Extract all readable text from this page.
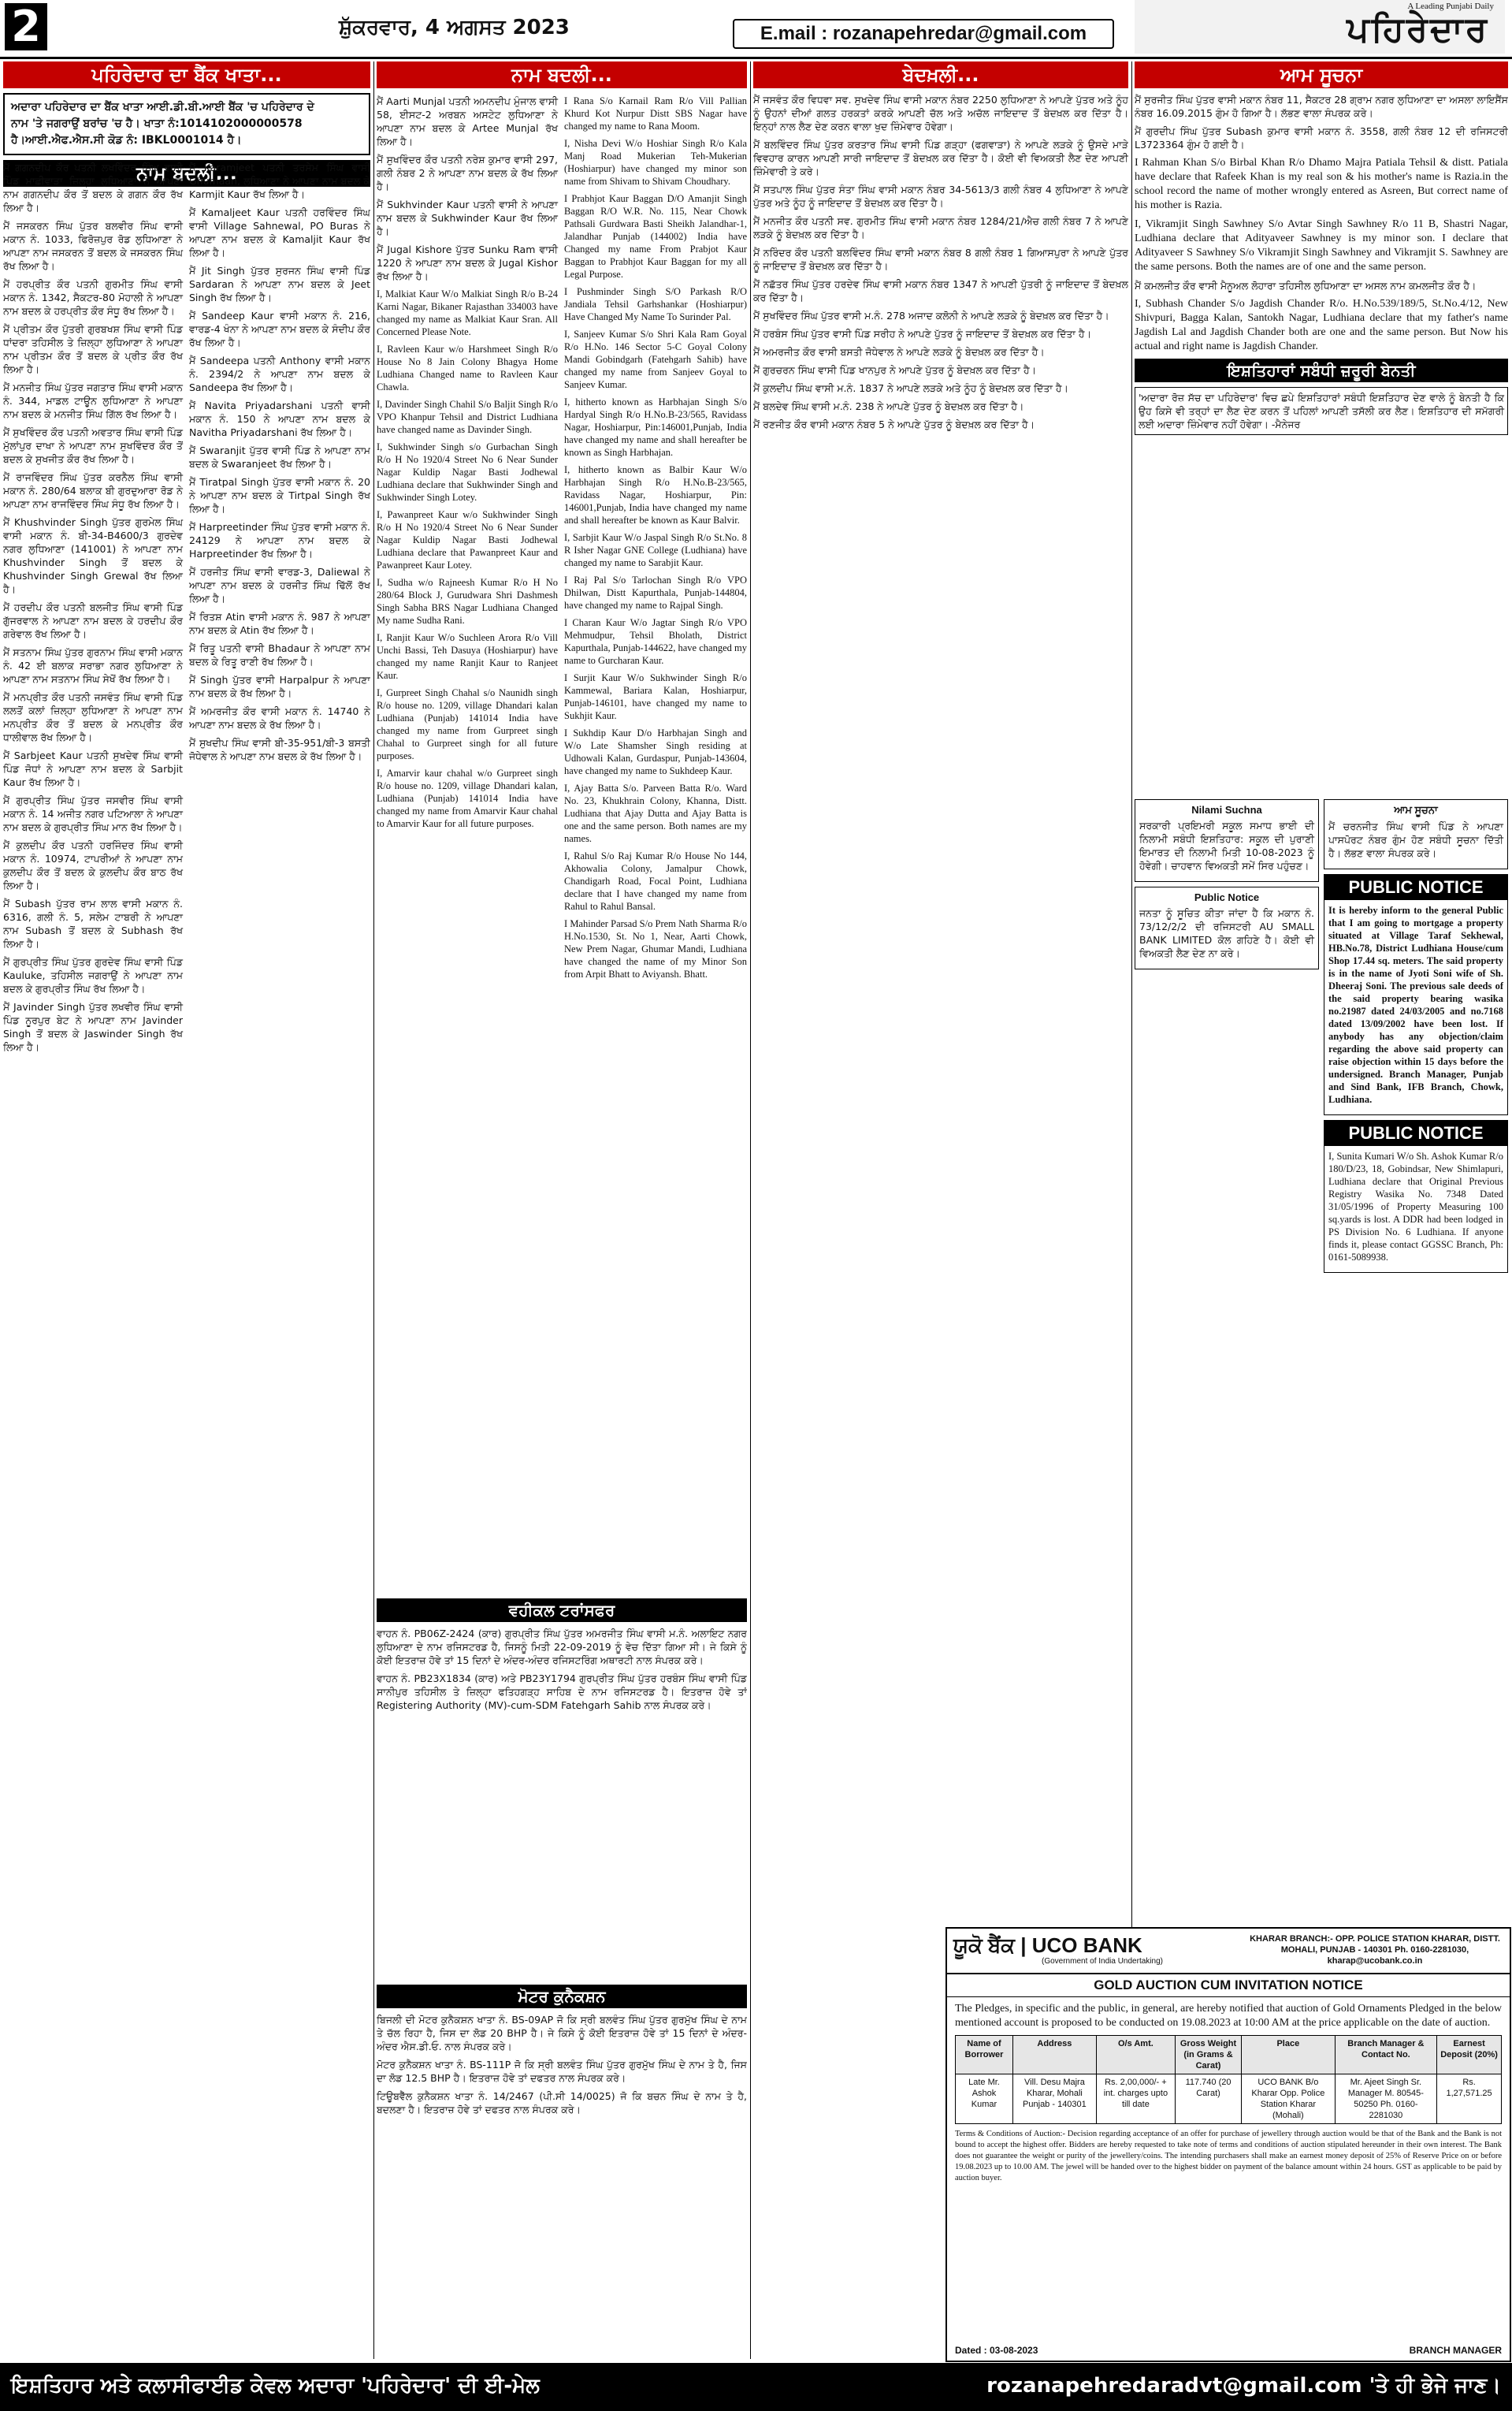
2	ਸ਼ੁੱਕਰਵਾਰ, 4 ਅਗਸਤ 2023	E.mail : rozanapehredar@gmail.com
A Leading Punjabi Daily
ਪਹਿਰੇਦਾਰ
ਪਹਿਰੇਦਾਰ ਦਾ ਬੈਂਕ ਖਾਤਾ...
ਅਦਾਰਾ ਪਹਿਰੇਦਾਰ ਦਾ ਬੈਂਕ ਖਾਤਾ ਆਈ.ਡੀ.ਬੀ.ਆਈ ਬੈਂਕ 'ਚ ਪਹਿਰੇਦਾਰ ਦੇ
ਨਾਮ 'ਤੇ ਜਗਰਾਉਂ ਬਰਾਂਚ 'ਚ ਹੈ। ਖਾਤਾ ਨੰ:1014102000000578
ਹੈ।ਆਈ.ਐਫ.ਐਸ.ਸੀ ਕੋਡ ਨੰ: IBKL0001014 ਹੈ।
ਨਾਮ ਬਦਲੀ...

ਮੈਂ ਗਗਨਦੀਪ ਕੌਰ ਪਤਨੀ ਲਖਵਿੰਦਰ ਸਿੰਘ ਵਾਸੀ ਪਿੰਡ ਮਾਛੀਵਾੜਾ ਜ਼ਿਲ੍ਹਾ ਲੁਧਿਆਣਾ ਨੇ ਆਪਣਾ ਨਾਮ ਗਗਨਦੀਪ ਕੌਰ ਤੋਂ ਬਦਲ ਕੇ ਗਗਨ ਕੌਰ ਰੱਖ ਲਿਆ ਹੈ।

ਮੈਂ ਜਸਕਰਨ ਸਿੰਘ ਪੁੱਤਰ ਬਲਵੀਰ ਸਿੰਘ ਵਾਸੀ ਮਕਾਨ ਨੰ. 1033, ਫਿਰੋਜ਼ਪੁਰ ਰੋਡ ਲੁਧਿਆਣਾ ਨੇ ਆਪਣਾ ਨਾਮ ਜਸਕਰਨ ਤੋਂ ਬਦਲ ਕੇ ਜਸਕਰਨ ਸਿੰਘ ਰੱਖ ਲਿਆ ਹੈ।

ਮੈਂ ਹਰਪ੍ਰੀਤ ਕੌਰ ਪਤਨੀ ਗੁਰਮੀਤ ਸਿੰਘ ਵਾਸੀ ਮਕਾਨ ਨੰ. 1342, ਸੈਕਟਰ-80 ਮੋਹਾਲੀ ਨੇ ਆਪਣਾ ਨਾਮ ਬਦਲ ਕੇ ਹਰਪ੍ਰੀਤ ਕੌਰ ਸੰਧੂ ਰੱਖ ਲਿਆ ਹੈ।

ਮੈਂ ਪ੍ਰੀਤਮ ਕੌਰ ਪੁੱਤਰੀ ਗੁਰਬਖਸ਼ ਸਿੰਘ ਵਾਸੀ ਪਿੰਡ ਧਾਂਦਰਾ ਤਹਿਸੀਲ ਤੇ ਜ਼ਿਲ੍ਹਾ ਲੁਧਿਆਣਾ ਨੇ ਆਪਣਾ ਨਾਮ ਪ੍ਰੀਤਮ ਕੌਰ ਤੋਂ ਬਦਲ ਕੇ ਪ੍ਰੀਤ ਕੌਰ ਰੱਖ ਲਿਆ ਹੈ।

ਮੈਂ ਮਨਜੀਤ ਸਿੰਘ ਪੁੱਤਰ ਜਗਤਾਰ ਸਿੰਘ ਵਾਸੀ ਮਕਾਨ ਨੰ. 344, ਮਾਡਲ ਟਾਊਨ ਲੁਧਿਆਣਾ ਨੇ ਆਪਣਾ ਨਾਮ ਬਦਲ ਕੇ ਮਨਜੀਤ ਸਿੰਘ ਗਿੱਲ ਰੱਖ ਲਿਆ ਹੈ।

ਮੈਂ ਸੁਖਵਿੰਦਰ ਕੌਰ ਪਤਨੀ ਅਵਤਾਰ ਸਿੰਘ ਵਾਸੀ ਪਿੰਡ ਮੁੱਲਾਂਪੁਰ ਦਾਖਾ ਨੇ ਆਪਣਾ ਨਾਮ ਸੁਖਵਿੰਦਰ ਕੌਰ ਤੋਂ ਬਦਲ ਕੇ ਸੁਖਜੀਤ ਕੌਰ ਰੱਖ ਲਿਆ ਹੈ।

ਮੈਂ ਰਾਜਵਿੰਦਰ ਸਿੰਘ ਪੁੱਤਰ ਕਰਨੈਲ ਸਿੰਘ ਵਾਸੀ ਮਕਾਨ ਨੰ. 280/64 ਬਲਾਕ ਬੀ ਗੁਰਦੁਆਰਾ ਰੋਡ ਨੇ ਆਪਣਾ ਨਾਮ ਰਾਜਵਿੰਦਰ ਸਿੰਘ ਸੰਧੂ ਰੱਖ ਲਿਆ ਹੈ।

ਮੈਂ Khushvinder Singh ਪੁੱਤਰ ਗੁਰਮੇਲ ਸਿੰਘ ਵਾਸੀ ਮਕਾਨ ਨੰ. ਬੀ-34-B4600/3 ਗੁਰਦੇਵ ਨਗਰ ਲੁਧਿਆਣਾ (141001) ਨੇ ਆਪਣਾ ਨਾਮ Khushvinder Singh ਤੋਂ ਬਦਲ ਕੇ Khushvinder Singh Grewal ਰੱਖ ਲਿਆ ਹੈ।

ਮੈਂ ਹਰਦੀਪ ਕੌਰ ਪਤਨੀ ਬਲਜੀਤ ਸਿੰਘ ਵਾਸੀ ਪਿੰਡ ਗੁੱਜਰਵਾਲ ਨੇ ਆਪਣਾ ਨਾਮ ਬਦਲ ਕੇ ਹਰਦੀਪ ਕੌਰ ਗਰੇਵਾਲ ਰੱਖ ਲਿਆ ਹੈ।

ਮੈਂ ਸਤਨਾਮ ਸਿੰਘ ਪੁੱਤਰ ਗੁਰਨਾਮ ਸਿੰਘ ਵਾਸੀ ਮਕਾਨ ਨੰ. 42 ਈ ਬਲਾਕ ਸਰਾਭਾ ਨਗਰ ਲੁਧਿਆਣਾ ਨੇ ਆਪਣਾ ਨਾਮ ਸਤਨਾਮ ਸਿੰਘ ਸੇਖੋਂ ਰੱਖ ਲਿਆ ਹੈ।

ਮੈਂ ਮਨਪ੍ਰੀਤ ਕੌਰ ਪਤਨੀ ਜਸਵੰਤ ਸਿੰਘ ਵਾਸੀ ਪਿੰਡ ਲਲਤੋਂ ਕਲਾਂ ਜ਼ਿਲ੍ਹਾ ਲੁਧਿਆਣਾ ਨੇ ਆਪਣਾ ਨਾਮ ਮਨਪ੍ਰੀਤ ਕੌਰ ਤੋਂ ਬਦਲ ਕੇ ਮਨਪ੍ਰੀਤ ਕੌਰ ਧਾਲੀਵਾਲ ਰੱਖ ਲਿਆ ਹੈ।

ਮੈਂ Sarbjeet Kaur ਪਤਨੀ ਸੁਖਦੇਵ ਸਿੰਘ ਵਾਸੀ ਪਿੰਡ ਜੋਧਾਂ ਨੇ ਆਪਣਾ ਨਾਮ ਬਦਲ ਕੇ Sarbjit Kaur ਰੱਖ ਲਿਆ ਹੈ।

ਮੈਂ ਗੁਰਪ੍ਰੀਤ ਸਿੰਘ ਪੁੱਤਰ ਜਸਵੀਰ ਸਿੰਘ ਵਾਸੀ ਮਕਾਨ ਨੰ. 14 ਅਜੀਤ ਨਗਰ ਪਟਿਆਲਾ ਨੇ ਆਪਣਾ ਨਾਮ ਬਦਲ ਕੇ ਗੁਰਪ੍ਰੀਤ ਸਿੰਘ ਮਾਨ ਰੱਖ ਲਿਆ ਹੈ।

ਮੈਂ ਕੁਲਦੀਪ ਕੌਰ ਪਤਨੀ ਹਰਜਿੰਦਰ ਸਿੰਘ ਵਾਸੀ ਮਕਾਨ ਨੰ. 10974, ਟਾਪਰੀਆਂ ਨੇ ਆਪਣਾ ਨਾਮ ਕੁਲਦੀਪ ਕੌਰ ਤੋਂ ਬਦਲ ਕੇ ਕੁਲਦੀਪ ਕੌਰ ਬਾਠ ਰੱਖ ਲਿਆ ਹੈ।

ਮੈਂ Subash ਪੁੱਤਰ ਰਾਮ ਲਾਲ ਵਾਸੀ ਮਕਾਨ ਨੰ. 6316, ਗਲੀ ਨੰ. 5, ਸਲੇਮ ਟਾਬਰੀ ਨੇ ਆਪਣਾ ਨਾਮ Subash ਤੋਂ ਬਦਲ ਕੇ Subhash ਰੱਖ ਲਿਆ ਹੈ।

ਮੈਂ ਗੁਰਪ੍ਰੀਤ ਸਿੰਘ ਪੁੱਤਰ ਗੁਰਦੇਵ ਸਿੰਘ ਵਾਸੀ ਪਿੰਡ Kauluke, ਤਹਿਸੀਲ ਜਗਰਾਉਂ ਨੇ ਆਪਣਾ ਨਾਮ ਬਦਲ ਕੇ ਗੁਰਪ੍ਰੀਤ ਸਿੰਘ ਰੱਖ ਲਿਆ ਹੈ।

ਮੈਂ Javinder Singh ਪੁੱਤਰ ਲਖਵੀਰ ਸਿੰਘ ਵਾਸੀ ਪਿੰਡ ਨੂਰਪੁਰ ਬੇਟ ਨੇ ਆਪਣਾ ਨਾਮ Javinder Singh ਤੋਂ ਬਦਲ ਕੇ Jaswinder Singh ਰੱਖ ਲਿਆ ਹੈ।

ਮੈਂ Karamjeet ਪਤਨੀ ਤਰਸੇਮ ਸਿੰਘ ਵਾਸੀ Ghumaan, ਲੁਧਿਆਣਾ ਨੇ ਆਪਣਾ ਨਾਮ ਬਦਲ ਕੇ Karmjit Kaur ਰੱਖ ਲਿਆ ਹੈ।

ਮੈਂ Kamaljeet Kaur ਪਤਨੀ ਹਰਵਿੰਦਰ ਸਿੰਘ ਵਾਸੀ Village Sahnewal, PO Buras ਨੇ ਆਪਣਾ ਨਾਮ ਬਦਲ ਕੇ Kamaljit Kaur ਰੱਖ ਲਿਆ ਹੈ।

ਮੈਂ Jit Singh ਪੁੱਤਰ ਸੁਰਜਨ ਸਿੰਘ ਵਾਸੀ ਪਿੰਡ Sardaran ਨੇ ਆਪਣਾ ਨਾਮ ਬਦਲ ਕੇ Jeet Singh ਰੱਖ ਲਿਆ ਹੈ।

ਮੈਂ Sandeep Kaur ਵਾਸੀ ਮਕਾਨ ਨੰ. 216, ਵਾਰਡ-4 ਖੰਨਾ ਨੇ ਆਪਣਾ ਨਾਮ ਬਦਲ ਕੇ ਸੰਦੀਪ ਕੌਰ ਰੱਖ ਲਿਆ ਹੈ।

ਮੈਂ Sandeepa ਪਤਨੀ Anthony ਵਾਸੀ ਮਕਾਨ ਨੰ. 2394/2 ਨੇ ਆਪਣਾ ਨਾਮ ਬਦਲ ਕੇ Sandeepa ਰੱਖ ਲਿਆ ਹੈ।

ਮੈਂ Navita Priyadarshani ਪਤਨੀ ਵਾਸੀ ਮਕਾਨ ਨੰ. 150 ਨੇ ਆਪਣਾ ਨਾਮ ਬਦਲ ਕੇ Navitha Priyadarshani ਰੱਖ ਲਿਆ ਹੈ।

ਮੈਂ Swaranjit ਪੁੱਤਰ ਵਾਸੀ ਪਿੰਡ ਨੇ ਆਪਣਾ ਨਾਮ ਬਦਲ ਕੇ Swaranjeet ਰੱਖ ਲਿਆ ਹੈ।

ਮੈਂ Tiratpal Singh ਪੁੱਤਰ ਵਾਸੀ ਮਕਾਨ ਨੰ. 20 ਨੇ ਆਪਣਾ ਨਾਮ ਬਦਲ ਕੇ Tirtpal Singh ਰੱਖ ਲਿਆ ਹੈ।

ਮੈਂ Harpreetinder ਸਿੰਘ ਪੁੱਤਰ ਵਾਸੀ ਮਕਾਨ ਨੰ. 24129 ਨੇ ਆਪਣਾ ਨਾਮ ਬਦਲ ਕੇ Harpreetinder ਰੱਖ ਲਿਆ ਹੈ।

ਮੈਂ ਹਰਜੀਤ ਸਿੰਘ ਵਾਸੀ ਵਾਰਡ-3, Daliewal ਨੇ ਆਪਣਾ ਨਾਮ ਬਦਲ ਕੇ ਹਰਜੀਤ ਸਿੰਘ ਢਿੱਲੋਂ ਰੱਖ ਲਿਆ ਹੈ।

ਮੈਂ ਰਿਤਸ਼ Atin ਵਾਸੀ ਮਕਾਨ ਨੰ. 987 ਨੇ ਆਪਣਾ ਨਾਮ ਬਦਲ ਕੇ Atin ਰੱਖ ਲਿਆ ਹੈ।

ਮੈਂ ਰਿਤੂ ਪਤਨੀ ਵਾਸੀ Bhadaur ਨੇ ਆਪਣਾ ਨਾਮ ਬਦਲ ਕੇ ਰਿਤੂ ਰਾਣੀ ਰੱਖ ਲਿਆ ਹੈ।

ਮੈਂ Singh ਪੁੱਤਰ ਵਾਸੀ Harpalpur ਨੇ ਆਪਣਾ ਨਾਮ ਬਦਲ ਕੇ ਰੱਖ ਲਿਆ ਹੈ।

ਮੈਂ ਅਮਰਜੀਤ ਕੌਰ ਵਾਸੀ ਮਕਾਨ ਨੰ. 14740 ਨੇ ਆਪਣਾ ਨਾਮ ਬਦਲ ਕੇ ਰੱਖ ਲਿਆ ਹੈ।

ਮੈਂ ਸੁਖਦੀਪ ਸਿੰਘ ਵਾਸੀ ਬੀ-35-951/ਬੀ-3 ਬਸਤੀ ਜੋਧੇਵਾਲ ਨੇ ਆਪਣਾ ਨਾਮ ਬਦਲ ਕੇ ਰੱਖ ਲਿਆ ਹੈ।

ਨਾਮ ਬਦਲੀ...

ਮੈਂ Aarti Munjal ਪਤਨੀ ਅਮਨਦੀਪ ਮੁੰਜਾਲ ਵਾਸੀ 58, ਈਸਟ-2 ਅਰਬਨ ਅਸਟੇਟ ਲੁਧਿਆਣਾ ਨੇ ਆਪਣਾ ਨਾਮ ਬਦਲ ਕੇ Artee Munjal ਰੱਖ ਲਿਆ ਹੈ।

ਮੈਂ ਸੁਖਵਿੰਦਰ ਕੌਰ ਪਤਨੀ ਨਰੇਸ਼ ਕੁਮਾਰ ਵਾਸੀ 297, ਗਲੀ ਨੰਬਰ 2 ਨੇ ਆਪਣਾ ਨਾਮ ਬਦਲ ਕੇ ਰੱਖ ਲਿਆ ਹੈ।

ਮੈਂ Sukhvinder Kaur ਪਤਨੀ ਵਾਸੀ ਨੇ ਆਪਣਾ ਨਾਮ ਬਦਲ ਕੇ Sukhwinder Kaur ਰੱਖ ਲਿਆ ਹੈ।

ਮੈਂ Jugal Kishore ਪੁੱਤਰ Sunku Ram ਵਾਸੀ 1220 ਨੇ ਆਪਣਾ ਨਾਮ ਬਦਲ ਕੇ Jugal Kishor ਰੱਖ ਲਿਆ ਹੈ।

I, Malkiat Kaur W/o Malkiat Singh R/o B-24 Karni Nagar, Bikaner Rajasthan 334003 have changed my name as Malkiat Kaur Sran. All Concerned Please Note.

I, Ravleen Kaur w/o Harshmeet Singh R/o House No 8 Jain Colony Bhagya Home Ludhiana Changed name to Ravleen Kaur Chawla.

I, Davinder Singh Chahil S/o Baljit Singh R/o VPO Khanpur Tehsil and District Ludhiana have changed name as Davinder Singh.

I, Sukhwinder Singh s/o Gurbachan Singh R/o H No 1920/4 Street No 6 Near Sunder Nagar Kuldip Nagar Basti Jodhewal Ludhiana declare that Sukhwinder Singh and Sukhwinder Singh Lotey.

I, Pawanpreet Kaur w/o Sukhwinder Singh R/o H No 1920/4 Street No 6 Near Sunder Nagar Kuldip Nagar Basti Jodhewal Ludhiana declare that Pawanpreet Kaur and Pawanpreet Kaur Lotey.

I, Sudha w/o Rajneesh Kumar R/o H No 280/64 Block J, Gurudwara Shri Dashmesh Singh Sabha BRS Nagar Ludhiana Changed My name Sudha Rani.

I, Ranjit Kaur W/o Suchleen Arora R/o Vill Unchi Bassi, Teh Dasuya (Hoshiarpur) have changed my name Ranjit Kaur to Ranjeet Kaur.

I, Gurpreet Singh Chahal s/o Naunidh singh R/o house no. 1209, village Dhandari kalan Ludhiana (Punjab) 141014 India have changed my name from Gurpreet singh Chahal to Gurpreet singh for all future purposes.

I, Amarvir kaur chahal w/o Gurpreet singh R/o house no. 1209, village Dhandari kalan, Ludhiana (Punjab) 141014 India have changed my name from Amarvir Kaur chahal to Amarvir Kaur for all future purposes.

I Rana S/o Karnail Ram R/o Vill Pallian Khurd Kot Nurpur Distt SBS Nagar have changed my name to Rana Moom.

I, Nisha Devi W/o Hoshiar Singh R/o Kala Manj Road Mukerian Teh-Mukerian (Hoshiarpur) have changed my minor son name from Shivam to Shivam Choudhary.

I Prabhjot Kaur Baggan D/O Amanjit Singh Baggan R/O W.R. No. 115, Near Chowk Pathsali Gurdwara Basti Sheikh Jalandhar-1, Jalandhar Punjab (144002) India have Changed my name From Prabjot Kaur Baggan to Prabhjot Kaur Baggan for my all Legal Purpose.

I Pushminder Singh S/O Parkash R/O Jandiala Tehsil Garhshankar (Hoshiarpur) Have Changed My Name To Surinder Pal.

I, Sanjeev Kumar S/o Shri Kala Ram Goyal R/o H.No. 146 Sector 5-C Goyal Colony Mandi Gobindgarh (Fatehgarh Sahib) have changed my name from Sanjeev Goyal to Sanjeev Kumar.

I, hitherto known as Harbhajan Singh S/o Hardyal Singh R/o H.No.B-23/565, Ravidass Nagar, Hoshiarpur, Pin:146001,Punjab, India have changed my name and shall hereafter be known as Singh Harbhajan.

I, hitherto known as Balbir Kaur W/o Harbhajan Singh R/o H.No.B-23/565, Ravidass Nagar, Hoshiarpur, Pin: 146001,Punjab, India have changed my name and shall hereafter be known as Kaur Balvir.

I, Sarbjit Kaur W/o Jaspal Singh R/o St.No. 8 R Isher Nagar GNE College (Ludhiana) have changed my name to Sarabjit Kaur.

I Raj Pal S/o Tarlochan Singh R/o VPO Dhilwan, Distt Kapurthala, Punjab-144804, have changed my name to Rajpal Singh.

I Charan Kaur W/o Jagtar Singh R/o VPO Mehmudpur, Tehsil Bholath, District Kapurthala, Punjab-144622, have changed my name to Gurcharan Kaur.

I Surjit Kaur W/o Sukhwinder Singh R/o Kammewal, Bariara Kalan, Hoshiarpur, Punjab-146101, have changed my name to Sukhjit Kaur.

I Sukhdip Kaur D/o Harbhajan Singh and W/o Late Shamsher Singh residing at Udhowali Kalan, Gurdaspur, Punjab-143604, have changed my name to Sukhdeep Kaur.

I, Ajay Batta S/o. Parveen Batta R/o. Ward No. 23, Khukhrain Colony, Khanna, Distt. Ludhiana that Ajay Dutta and Ajay Batta is one and the same person. Both names are my names.

I, Rahul S/o Raj Kumar R/o House No 144, Akhowalia Colony, Jamalpur Chowk, Chandigarh Road, Focal Point, Ludhiana declare that I have changed my name from Rahul to Rahul Bansal.

I Mahinder Parsad S/o Prem Nath Sharma R/o H.No.1530, St. No 1, Near, Aarti Chowk, New Prem Nagar, Ghumar Mandi, Ludhiana have changed the name of my Minor Son from Arpit Bhatt to Aviyansh. Bhatt.

ਵਹੀਕਲ ਟਰਾਂਸਫਰ

ਵਾਹਨ ਨੰ. PB06Z-2424 (ਕਾਰ) ਗੁਰਪ੍ਰੀਤ ਸਿੰਘ ਪੁੱਤਰ ਅਮਰਜੀਤ ਸਿੰਘ ਵਾਸੀ ਮ.ਨੰ. ਅਲਾਇਟ ਨਗਰ ਲੁਧਿਆਣਾ ਦੇ ਨਾਮ ਰਜਿਸਟਰਡ ਹੈ, ਜਿਸਨੂੰ ਮਿਤੀ 22-09-2019 ਨੂੰ ਵੇਚ ਦਿੱਤਾ ਗਿਆ ਸੀ। ਜੇ ਕਿਸੇ ਨੂੰ ਕੋਈ ਇਤਰਾਜ਼ ਹੋਵੇ ਤਾਂ 15 ਦਿਨਾਂ ਦੇ ਅੰਦਰ-ਅੰਦਰ ਰਜਿਸਟਰਿੰਗ ਅਥਾਰਟੀ ਨਾਲ ਸੰਪਰਕ ਕਰੇ।

ਵਾਹਨ ਨੰ. PB23X1834 (ਕਾਰ) ਅਤੇ PB23Y1794 ਗੁਰਪ੍ਰੀਤ ਸਿੰਘ ਪੁੱਤਰ ਹਰਬੰਸ ਸਿੰਘ ਵਾਸੀ ਪਿੰਡ ਸਾਨੀਪੁਰ ਤਹਿਸੀਲ ਤੇ ਜ਼ਿਲ੍ਹਾ ਫਤਿਹਗੜ੍ਹ ਸਾਹਿਬ ਦੇ ਨਾਮ ਰਜਿਸਟਰਡ ਹੈ। ਇਤਰਾਜ਼ ਹੋਵੇ ਤਾਂ Registering Authority (MV)-cum-SDM Fatehgarh Sahib ਨਾਲ ਸੰਪਰਕ ਕਰੇ।

ਮੋਟਰ ਕੁਨੈਕਸ਼ਨ

ਬਿਜਲੀ ਦੀ ਮੋਟਰ ਕੁਨੈਕਸ਼ਨ ਖਾਤਾ ਨੰ. BS-09AP ਜੋ ਕਿ ਸ੍ਰੀ ਬਲਵੰਤ ਸਿੰਘ ਪੁੱਤਰ ਗੁਰਮੁੱਖ ਸਿੰਘ ਦੇ ਨਾਮ ਤੇ ਚੱਲ ਰਿਹਾ ਹੈ, ਜਿਸ ਦਾ ਲੋਡ 20 BHP ਹੈ। ਜੇ ਕਿਸੇ ਨੂੰ ਕੋਈ ਇਤਰਾਜ਼ ਹੋਵੇ ਤਾਂ 15 ਦਿਨਾਂ ਦੇ ਅੰਦਰ-ਅੰਦਰ ਐਸ.ਡੀ.ਓ. ਨਾਲ ਸੰਪਰਕ ਕਰੇ।

ਮੋਟਰ ਕੁਨੈਕਸ਼ਨ ਖਾਤਾ ਨੰ. BS-111P ਜੋ ਕਿ ਸ੍ਰੀ ਬਲਵੰਤ ਸਿੰਘ ਪੁੱਤਰ ਗੁਰਮੁੱਖ ਸਿੰਘ ਦੇ ਨਾਮ ਤੇ ਹੈ, ਜਿਸ ਦਾ ਲੋਡ 12.5 BHP ਹੈ। ਇਤਰਾਜ਼ ਹੋਵੇ ਤਾਂ ਦਫਤਰ ਨਾਲ ਸੰਪਰਕ ਕਰੇ।

ਟਿਊਬਵੈੱਲ ਕੁਨੈਕਸ਼ਨ ਖਾਤਾ ਨੰ. 14/2467 (ਪੀ.ਸੀ 14/0025) ਜੋ ਕਿ ਬਚਨ ਸਿੰਘ ਦੇ ਨਾਮ ਤੇ ਹੈ, ਬਦਲਣਾ ਹੈ। ਇਤਰਾਜ਼ ਹੋਵੇ ਤਾਂ ਦਫਤਰ ਨਾਲ ਸੰਪਰਕ ਕਰੇ।

ਬੇਦਖ਼ਲੀ...

ਮੈਂ ਜਸਵੰਤ ਕੌਰ ਵਿਧਵਾ ਸਵ. ਸੁਖਦੇਵ ਸਿੰਘ ਵਾਸੀ ਮਕਾਨ ਨੰਬਰ 2250 ਲੁਧਿਆਣਾ ਨੇ ਆਪਣੇ ਪੁੱਤਰ ਅਤੇ ਨੂੰਹ ਨੂੰ ਉਹਨਾਂ ਦੀਆਂ ਗਲਤ ਹਰਕਤਾਂ ਕਰਕੇ ਆਪਣੀ ਚੱਲ ਅਤੇ ਅਚੱਲ ਜਾਇਦਾਦ ਤੋਂ ਬੇਦਖ਼ਲ ਕਰ ਦਿੱਤਾ ਹੈ। ਇਨ੍ਹਾਂ ਨਾਲ ਲੈਣ ਦੇਣ ਕਰਨ ਵਾਲਾ ਖੁਦ ਜ਼ਿੰਮੇਵਾਰ ਹੋਵੇਗਾ।

ਮੈਂ ਬਲਵਿੰਦਰ ਸਿੰਘ ਪੁੱਤਰ ਕਰਤਾਰ ਸਿੰਘ ਵਾਸੀ ਪਿੰਡ ਗੜ੍ਹਾ (ਫਗਵਾੜਾ) ਨੇ ਆਪਣੇ ਲੜਕੇ ਨੂੰ ਉਸਦੇ ਮਾੜੇ ਵਿਵਹਾਰ ਕਾਰਨ ਆਪਣੀ ਸਾਰੀ ਜਾਇਦਾਦ ਤੋਂ ਬੇਦਖ਼ਲ ਕਰ ਦਿੱਤਾ ਹੈ। ਕੋਈ ਵੀ ਵਿਅਕਤੀ ਲੈਣ ਦੇਣ ਆਪਣੀ ਜ਼ਿੰਮੇਵਾਰੀ ਤੇ ਕਰੇ।

ਮੈਂ ਸਤਪਾਲ ਸਿੰਘ ਪੁੱਤਰ ਸੰਤਾ ਸਿੰਘ ਵਾਸੀ ਮਕਾਨ ਨੰਬਰ 34-5613/3 ਗਲੀ ਨੰਬਰ 4 ਲੁਧਿਆਣਾ ਨੇ ਆਪਣੇ ਪੁੱਤਰ ਅਤੇ ਨੂੰਹ ਨੂੰ ਜਾਇਦਾਦ ਤੋਂ ਬੇਦਖ਼ਲ ਕਰ ਦਿੱਤਾ ਹੈ।

ਮੈਂ ਮਨਜੀਤ ਕੌਰ ਪਤਨੀ ਸਵ. ਗੁਰਮੀਤ ਸਿੰਘ ਵਾਸੀ ਮਕਾਨ ਨੰਬਰ 1284/21/ਐਚ ਗਲੀ ਨੰਬਰ 7 ਨੇ ਆਪਣੇ ਲੜਕੇ ਨੂੰ ਬੇਦਖ਼ਲ ਕਰ ਦਿੱਤਾ ਹੈ।

ਮੈਂ ਨਰਿੰਦਰ ਕੌਰ ਪਤਨੀ ਬਲਵਿੰਦਰ ਸਿੰਘ ਵਾਸੀ ਮਕਾਨ ਨੰਬਰ 8 ਗਲੀ ਨੰਬਰ 1 ਗਿਆਸਪੁਰਾ ਨੇ ਆਪਣੇ ਪੁੱਤਰ ਨੂੰ ਜਾਇਦਾਦ ਤੋਂ ਬੇਦਖ਼ਲ ਕਰ ਦਿੱਤਾ ਹੈ।

ਮੈਂ ਨਛੱਤਰ ਸਿੰਘ ਪੁੱਤਰ ਹਰਦੇਵ ਸਿੰਘ ਵਾਸੀ ਮਕਾਨ ਨੰਬਰ 1347 ਨੇ ਆਪਣੀ ਪੁੱਤਰੀ ਨੂੰ ਜਾਇਦਾਦ ਤੋਂ ਬੇਦਖ਼ਲ ਕਰ ਦਿੱਤਾ ਹੈ।

ਮੈਂ ਸੁਖਵਿੰਦਰ ਸਿੰਘ ਪੁੱਤਰ ਵਾਸੀ ਮ.ਨੰ. 278 ਅਜਾਦ ਕਲੋਨੀ ਨੇ ਆਪਣੇ ਲੜਕੇ ਨੂੰ ਬੇਦਖ਼ਲ ਕਰ ਦਿੱਤਾ ਹੈ।

ਮੈਂ ਹਰਬੰਸ ਸਿੰਘ ਪੁੱਤਰ ਵਾਸੀ ਪਿੰਡ ਸਰੀਹ ਨੇ ਆਪਣੇ ਪੁੱਤਰ ਨੂੰ ਜਾਇਦਾਦ ਤੋਂ ਬੇਦਖ਼ਲ ਕਰ ਦਿੱਤਾ ਹੈ।

ਮੈਂ ਅਮਰਜੀਤ ਕੌਰ ਵਾਸੀ ਬਸਤੀ ਜੋਧੇਵਾਲ ਨੇ ਆਪਣੇ ਲੜਕੇ ਨੂੰ ਬੇਦਖ਼ਲ ਕਰ ਦਿੱਤਾ ਹੈ।

ਮੈਂ ਗੁਰਚਰਨ ਸਿੰਘ ਵਾਸੀ ਪਿੰਡ ਖਾਨਪੁਰ ਨੇ ਆਪਣੇ ਪੁੱਤਰ ਨੂੰ ਬੇਦਖ਼ਲ ਕਰ ਦਿੱਤਾ ਹੈ।

ਮੈਂ ਕੁਲਦੀਪ ਸਿੰਘ ਵਾਸੀ ਮ.ਨੰ. 1837 ਨੇ ਆਪਣੇ ਲੜਕੇ ਅਤੇ ਨੂੰਹ ਨੂੰ ਬੇਦਖ਼ਲ ਕਰ ਦਿੱਤਾ ਹੈ।

ਮੈਂ ਬਲਦੇਵ ਸਿੰਘ ਵਾਸੀ ਮ.ਨੰ. 238 ਨੇ ਆਪਣੇ ਪੁੱਤਰ ਨੂੰ ਬੇਦਖ਼ਲ ਕਰ ਦਿੱਤਾ ਹੈ।

ਮੈਂ ਰਣਜੀਤ ਕੌਰ ਵਾਸੀ ਮਕਾਨ ਨੰਬਰ 5 ਨੇ ਆਪਣੇ ਪੁੱਤਰ ਨੂੰ ਬੇਦਖ਼ਲ ਕਰ ਦਿੱਤਾ ਹੈ।

ਆਮ ਸੂਚਨਾ

ਮੈਂ ਸੁਰਜੀਤ ਸਿੰਘ ਪੁੱਤਰ ਵਾਸੀ ਮਕਾਨ ਨੰਬਰ 11, ਸੈਕਟਰ 28 ਗ੍ਰਾਮ ਨਗਰ ਲੁਧਿਆਣਾ ਦਾ ਅਸਲਾ ਲਾਇਸੈਂਸ ਨੰਬਰ 16.09.2015 ਗੁੰਮ ਹੋ ਗਿਆ ਹੈ। ਲੱਭਣ ਵਾਲਾ ਸੰਪਰਕ ਕਰੇ।

ਮੈਂ ਗੁਰਦੀਪ ਸਿੰਘ ਪੁੱਤਰ Subash ਕੁਮਾਰ ਵਾਸੀ ਮਕਾਨ ਨੰ. 3558, ਗਲੀ ਨੰਬਰ 12 ਦੀ ਰਜਿਸਟਰੀ L3723364 ਗੁੰਮ ਹੋ ਗਈ ਹੈ।

I Rahman Khan S/o Birbal Khan R/o Dhamo Majra Patiala Tehsil & distt. Patiala have declare that Rafeek Khan is my real son & his mother's name is Razia.in the school record the name of mother wrongly entered as Asreen, But correct name of his mother is Razia.

I, Vikramjit Singh Sawhney S/o Avtar Singh Sawhney R/o 11 B, Shastri Nagar, Ludhiana declare that Adityaveer Sawhney is my minor son. I declare that Adityaveer S Sawhney S/o Vikramjit Singh Sawhney and Vikramjit S. Sawhney are the same persons. Both the names are of one and the same person.

ਮੈਂ ਕਮਲਜੀਤ ਕੌਰ ਵਾਸੀ ਮੈਨੂਅਲ ਲੋਹਾਰਾ ਤਹਿਸੀਲ ਲੁਧਿਆਣਾ ਦਾ ਅਸਲ ਨਾਮ ਕਮਲਜੀਤ ਕੌਰ ਹੈ।

I, Subhash Chander S/o Jagdish Chander R/o. H.No.539/189/5, St.No.4/12, New Shivpuri, Bagga Kalan, Santokh Nagar, Ludhiana declare that my father's name Jagdish Lal and Jagdish Chander both are one and the same person. But Now his actual and right name is Jagdish Chander.

ਇਸ਼ਤਿਹਾਰਾਂ ਸਬੰਧੀ ਜ਼ਰੂਰੀ ਬੇਨਤੀ

'ਅਦਾਰਾ ਰੋਜ਼ ਸੱਚ ਦਾ ਪਹਿਰੇਦਾਰ' ਵਿਚ ਛਪੇ ਇਸ਼ਤਿਹਾਰਾਂ ਸਬੰਧੀ ਇਸ਼ਤਿਹਾਰ ਦੇਣ ਵਾਲੇ ਨੂੰ ਬੇਨਤੀ ਹੈ ਕਿ ਉਹ ਕਿਸੇ ਵੀ ਤਰ੍ਹਾਂ ਦਾ ਲੈਣ ਦੇਣ ਕਰਨ ਤੋਂ ਪਹਿਲਾਂ ਆਪਣੀ ਤਸੱਲੀ ਕਰ ਲੈਣ। ਇਸ਼ਤਿਹਾਰ ਦੀ ਸਮੱਗਰੀ ਲਈ ਅਦਾਰਾ ਜ਼ਿੰਮੇਵਾਰ ਨਹੀਂ ਹੋਵੇਗਾ। -ਮੈਨੇਜਰ

Nilami Suchna
ਸਰਕਾਰੀ ਪ੍ਰਇਮਰੀ ਸਕੂਲ ਸਮਾਧ ਭਾਈ ਦੀ ਨਿਲਾਮੀ ਸਬੰਧੀ ਇਸ਼ਤਿਹਾਰ: ਸਕੂਲ ਦੀ ਪੁਰਾਣੀ ਇਮਾਰਤ ਦੀ ਨਿਲਾਮੀ ਮਿਤੀ 10-08-2023 ਨੂੰ ਹੋਵੇਗੀ। ਚਾਹਵਾਨ ਵਿਅਕਤੀ ਸਮੇਂ ਸਿਰ ਪਹੁੰਚਣ।
Public Notice
ਜਨਤਾ ਨੂੰ ਸੂਚਿਤ ਕੀਤਾ ਜਾਂਦਾ ਹੈ ਕਿ ਮਕਾਨ ਨੰ. 73/12/2/2 ਦੀ ਰਜਿਸਟਰੀ AU SMALL BANK LIMITED ਕੋਲ ਗਹਿਣੇ ਹੈ। ਕੋਈ ਵੀ ਵਿਅਕਤੀ ਲੈਣ ਦੇਣ ਨਾ ਕਰੇ।
ਆਮ ਸੂਚਨਾ
ਮੈਂ ਚਰਨਜੀਤ ਸਿੰਘ ਵਾਸੀ ਪਿੰਡ ਨੇ ਆਪਣਾ ਪਾਸਪੋਰਟ ਨੰਬਰ ਗੁੰਮ ਹੋਣ ਸਬੰਧੀ ਸੂਚਨਾ ਦਿੱਤੀ ਹੈ। ਲੱਭਣ ਵਾਲਾ ਸੰਪਰਕ ਕਰੇ।
PUBLIC NOTICE
It is hereby inform to the general Public that I am going to mortgage a property situated at Village Taraf Sekhewal, HB.No.78, District Ludhiana House/cum Shop 17.44 sq. meters. The said property is in the name of Jyoti Soni wife of Sh. Dheeraj Soni. The previous sale deeds of the said property bearing wasika no.21987 dated 24/03/2005 and no.7168 dated 13/09/2002 have been lost. If anybody has any objection/claim regarding the above said property can raise objection within 15 days before the undersigned. Branch Manager, Punjab and Sind Bank, IFB Branch, Chowk, Ludhiana.
PUBLIC NOTICE
I, Sunita Kumari W/o Sh. Ashok Kumar R/o 180/D/23, 18, Gobindsar, New Shimlapuri, Ludhiana declare that Original Previous Registry Wasika No. 7348 Dated 31/05/1996 of Property Measuring 100 sq.yards is lost. A DDR had been lodged in PS Division No. 6 Ludhiana. If anyone finds it, please contact GGSSC Branch, Ph: 0161-5089938.
ਯੂਕੋ ਬੈਂਕ | UCO BANK
(Government of India Undertaking)
KHARAR BRANCH:- OPP. POLICE STATION KHARAR, DISTT. MOHALI, PUNJAB - 140301 Ph. 0160-2281030, kharap@ucobank.co.in
GOLD AUCTION CUM INVITATION NOTICE
The Pledges, in specific and the public, in general, are hereby notified that auction of Gold Ornaments Pledged in the below mentioned account is proposed to be conducted on 19.08.2023 at 10:00 AM at the price applicable on the date of auction.
Name of Borrower	Address	O/s Amt.	Gross Weight (in Grams & Carat)	Place	Branch Manager & Contact No.	Earnest Deposit (20%)
Late Mr. Ashok Kumar	Vill. Desu Majra Kharar, Mohali Punjab - 140301	Rs. 2,00,000/- + int. charges upto till date	117.740 (20 Carat)	UCO BANK B/o Kharar Opp. Police Station Kharar (Mohali)	Mr. Ajeet Singh Sr. Manager M. 80545-50250 Ph. 0160-2281030	Rs. 1,27,571.25
Terms & Conditions of Auction:- Decision regarding acceptance of an offer for purchase of jewellery through auction would be that of the Bank and the Bank is not bound to accept the highest offer. Bidders are hereby requested to take note of terms and conditions of auction stipulated hereunder in their own interest. The Bank does not guarantee the weight or purity of the jewellery/coins. The intending purchasers shall make an earnest money deposit of 25% of Reserve Price on or before 19.08.2023 up to 10.00 AM. The jewel will be handed over to the highest bidder on payment of the balance amount within 24 hours. GST as applicable to be paid by auction buyer.
Dated : 03-08-2023	BRANCH MANAGER
ਇਸ਼ਤਿਹਾਰ ਅਤੇ ਕਲਾਸੀਫਾਈਡ ਕੇਵਲ ਅਦਾਰਾ 'ਪਹਿਰੇਦਾਰ' ਦੀ ਈ-ਮੇਲ	rozanapehredaradvt@gmail.com 'ਤੇ ਹੀ ਭੇਜੇ ਜਾਣ।
